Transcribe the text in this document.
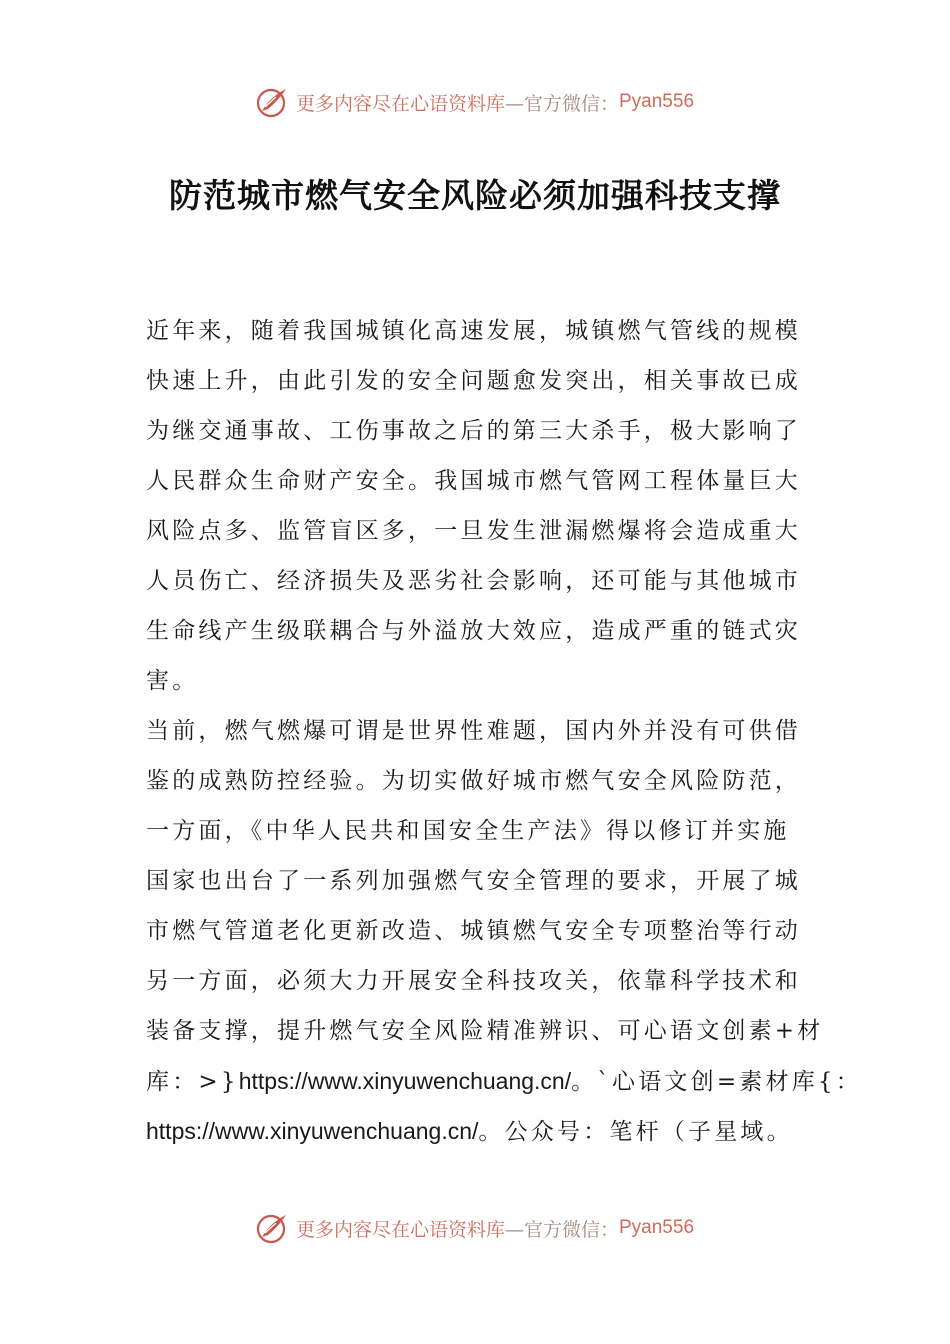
更多内容尽在心语资料库 —官方微信： Pyan556
防范城市燃气安全风险必须加强科技支撑
近年来，随着我国城镇化高速发展，城镇燃气管线的规模
快速上升，由此引发的安全问题愈发突出，相关事故已成
为继交通事故、工伤事故之后的第三大杀手，极大影响了
人民群众生命财产安全。我国城市燃气管网工程体量巨大
风险点多、监管盲区多，一旦发生泄漏燃爆将会造成重大
人员伤亡、经济损失及恶劣社会影响，还可能与其他城市
生命线产生级联耦合与外溢放大效应，造成严重的链式灾
害。
当前，燃气燃爆可谓是世界性难题，国内外并没有可供借
鉴的成熟防控经验。为切实做好城市燃气安全风险防范，
一方面，《中华人民共和国安全生产法》得以修订并实施
国家也出台了一系列加强燃气安全管理的要求，开展了城
市燃气管道老化更新改造、城镇燃气安全专项整治等行动
另一方面，必须大力开展安全科技攻关，依靠科学技术和
装备支撑，提升燃气安全风险精准辨识、可心语文创素+材
库：>}https://www.xinyuwenchuang.cn/。`心语文创=素材库{：
https://www.xinyuwenchuang.cn/。公众号：笔杆（子星域。
更多内容尽在心语资料库 —官方微信： Pyan556
